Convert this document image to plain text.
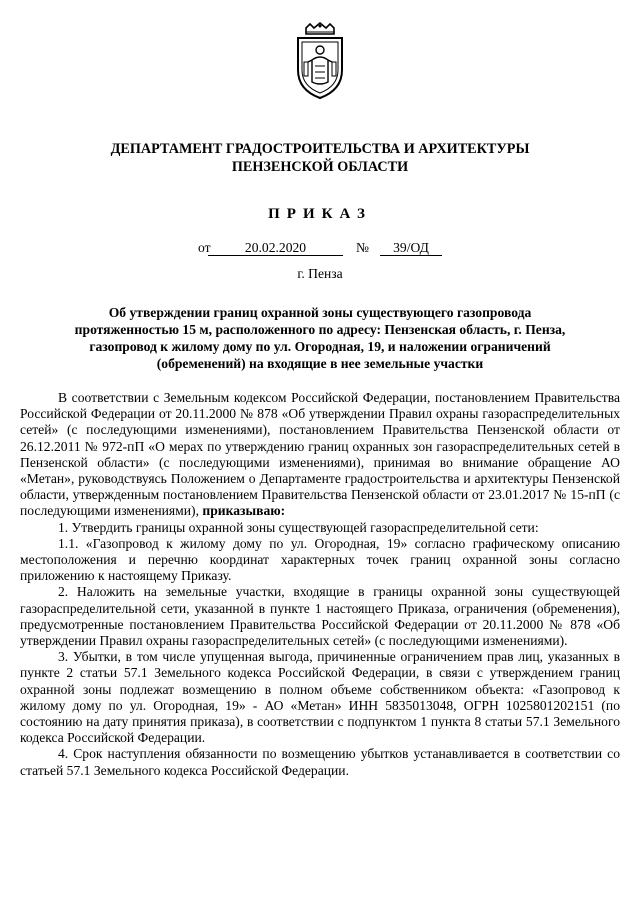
ДЕПАРТАМЕНТ ГРАДОСТРОИТЕЛЬСТВА И АРХИТЕКТУРЫ
ПЕНЗЕНСКОЙ ОБЛАСТИ
ПРИКАЗ
от	20.02.2020	№	39/ОД
г. Пенза
Об утверждении границ охранной зоны существующего газопровода
протяженностью 15 м, расположенного по адресу: Пензенская область, г. Пенза,
газопровод к жилому дому по ул. Огородная, 19, и наложении ограничений
(обременений) на входящие в нее земельные участки

В соответствии с Земельным кодексом Российской Федерации, постановлением Правительства Российской Федерации от 20.11.2000 № 878 «Об утверждении Правил охраны газораспределительных сетей» (с последующими изменениями), постановлением Правительства Пензенской области от 26.12.2011 № 972-пП «О мерах по утверждению границ охранных зон газораспределительных сетей в Пензенской области» (с последующими изменениями), принимая во внимание обращение АО «Метан», руководствуясь Положением о Департаменте градостроительства и архитектуры Пензенской области, утвержденным постановлением Правительства Пензенской области от 23.01.2017 № 15-пП (с последующими изменениями), приказываю:

1. Утвердить границы охранной зоны существующей газораспределительной сети:

1.1. «Газопровод к жилому дому по ул. Огородная, 19» согласно графическому описанию местоположения и перечню координат характерных точек границ охранной зоны согласно приложению к настоящему Приказу.

2. Наложить на земельные участки, входящие в границы охранной зоны существующей газораспределительной сети, указанной в пункте 1 настоящего Приказа, ограничения (обременения), предусмотренные постановлением Правительства Российской Федерации от 20.11.2000 № 878 «Об утверждении Правил охраны газораспределительных сетей» (с последующими изменениями).

3. Убытки, в том числе упущенная выгода, причиненные ограничением прав лиц, указанных в пункте 2 статьи 57.1 Земельного кодекса Российской Федерации, в связи с утверждением границ охранной зоны подлежат возмещению в полном объеме собственником объекта: «Газопровод к жилому дому по ул. Огородная, 19» - АО «Метан» ИНН 5835013048, ОГРН 1025801202151 (по состоянию на дату принятия приказа), в соответствии с подпунктом 1 пункта 8 статьи 57.1 Земельного кодекса Российской Федерации.

4. Срок наступления обязанности по возмещению убытков устанавливается в соответствии со статьей 57.1 Земельного кодекса Российской Федерации.
